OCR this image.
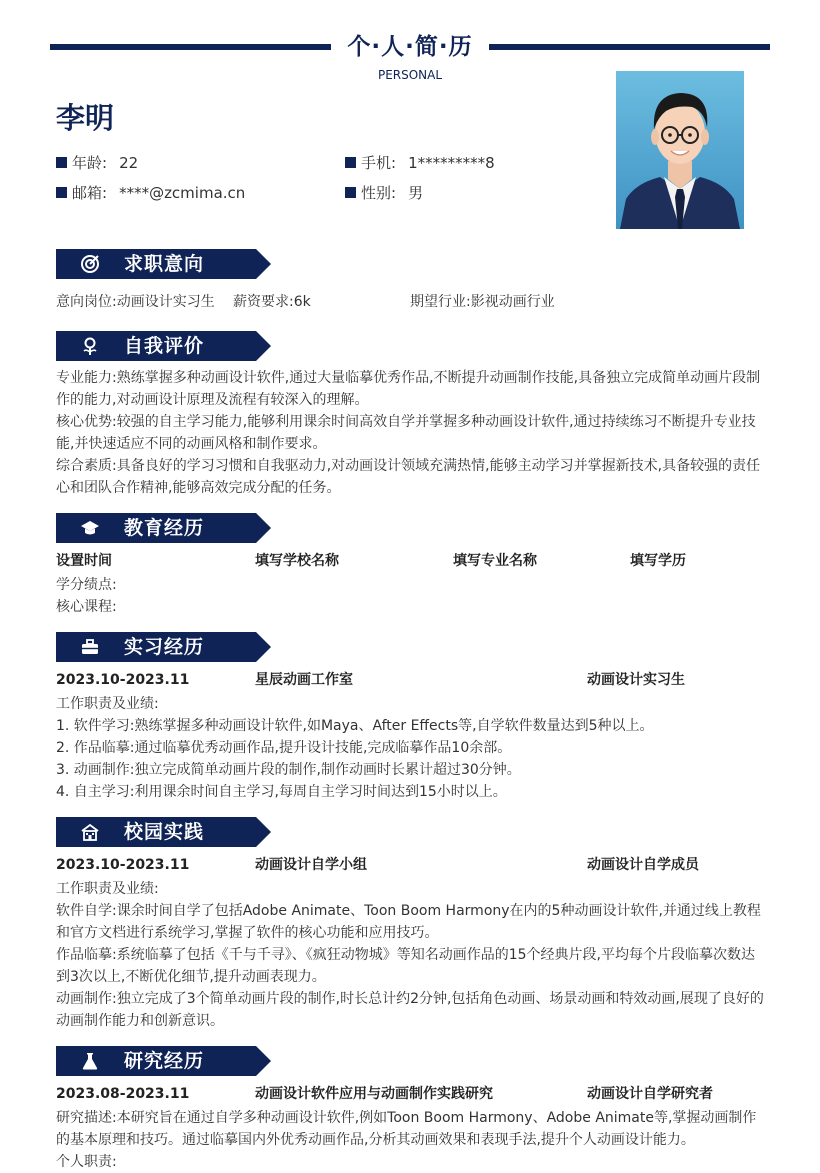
个·人·简·历
PERSONAL
李明
年龄: 22	手机: 1*********8
邮箱: ****@zcmima.cn	性别: 男
求职意向
意向岗位:动画设计实习生 薪资要求:6k	期望行业:影视动画行业
自我评价
专业能力:熟练掌握多种动画设计软件,通过大量临摹优秀作品,不断提升动画制作技能,具备独立完成简单动画片段制作的能力,对动画设计原理及流程有较深入的理解。
核心优势:较强的自主学习能力,能够利用课余时间高效自学并掌握多种动画设计软件,通过持续练习不断提升专业技能,并快速适应不同的动画风格和制作要求。
综合素质:具备良好的学习习惯和自我驱动力,对动画设计领域充满热情,能够主动学习并掌握新技术,具备较强的责任心和团队合作精神,能够高效完成分配的任务。
教育经历
设置时间	填写学校名称	填写专业名称	填写学历
学分绩点:
核心课程:
实习经历
2023.10-2023.11	星辰动画工作室	动画设计实习生
工作职责及业绩:
1. 软件学习:熟练掌握多种动画设计软件,如Maya、After Effects等,自学软件数量达到5种以上。
2. 作品临摹:通过临摹优秀动画作品,提升设计技能,完成临摹作品10余部。
3. 动画制作:独立完成简单动画片段的制作,制作动画时长累计超过30分钟。
4. 自主学习:利用课余时间自主学习,每周自主学习时间达到15小时以上。
校园实践
2023.10-2023.11	动画设计自学小组	动画设计自学成员
工作职责及业绩:
软件自学:课余时间自学了包括Adobe Animate、Toon Boom Harmony在内的5种动画设计软件,并通过线上教程和官方文档进行系统学习,掌握了软件的核心功能和应用技巧。
作品临摹:系统临摹了包括《千与千寻》、《疯狂动物城》等知名动画作品的15个经典片段,平均每个片段临摹次数达到3次以上,不断优化细节,提升动画表现力。
动画制作:独立完成了3个简单动画片段的制作,时长总计约2分钟,包括角色动画、场景动画和特效动画,展现了良好的动画制作能力和创新意识。
研究经历
2023.08-2023.11	动画设计软件应用与动画制作实践研究	动画设计自学研究者
研究描述:本研究旨在通过自学多种动画设计软件,例如Toon Boom Harmony、Adobe Animate等,掌握动画制作的基本原理和技巧。通过临摹国内外优秀动画作品,分析其动画效果和表现手法,提升个人动画设计能力。
个人职责:
